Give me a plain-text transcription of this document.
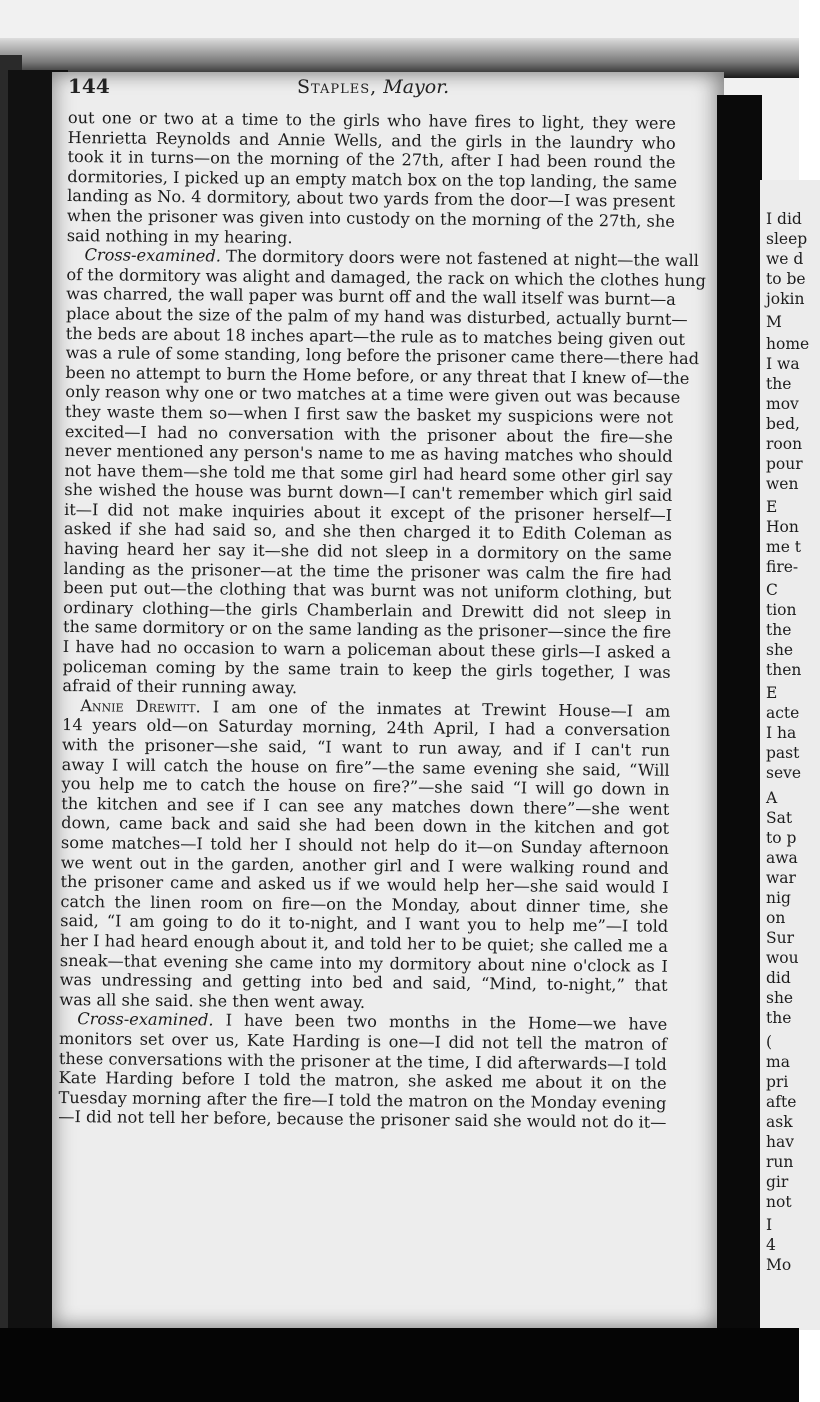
144	Staples, Mayor.
out one or two at a time to the girls who have fires to light, they were
Henrietta Reynolds and Annie Wells, and the girls in the laundry who
took it in turns—on the morning of the 27th, after I had been round the
dormitories, I picked up an empty match box on the top landing, the same
landing as No. 4 dormitory, about two yards from the door—I was present
when the prisoner was given into custody on the morning of the 27th, she
said nothing in my hearing.
Cross-examined. The dormitory doors were not fastened at night—the wall
of the dormitory was alight and damaged, the rack on which the clothes hung
was charred, the wall paper was burnt off and the wall itself was burnt—a
place about the size of the palm of my hand was disturbed, actually burnt—
the beds are about 18 inches apart—the rule as to matches being given out
was a rule of some standing, long before the prisoner came there—there had
been no attempt to burn the Home before, or any threat that I knew of—the
only reason why one or two matches at a time were given out was because
they waste them so—when I first saw the basket my suspicions were not
excited—I had no conversation with the prisoner about the fire—she
never mentioned any person's name to me as having matches who should
not have them—she told me that some girl had heard some other girl say
she wished the house was burnt down—I can't remember which girl said
it—I did not make inquiries about it except of the prisoner herself—I
asked if she had said so, and she then charged it to Edith Coleman as
having heard her say it—she did not sleep in a dormitory on the same
landing as the prisoner—at the time the prisoner was calm the fire had
been put out—the clothing that was burnt was not uniform clothing, but
ordinary clothing—the girls Chamberlain and Drewitt did not sleep in
the same dormitory or on the same landing as the prisoner—since the fire
I have had no occasion to warn a policeman about these girls—I asked a
policeman coming by the same train to keep the girls together, I was
afraid of their running away.
Annie Drewitt. I am one of the inmates at Trewint House—I am
14 years old—on Saturday morning, 24th April, I had a conversation
with the prisoner—she said, “I want to run away, and if I can't run
away I will catch the house on fire”—the same evening she said, “Will
you help me to catch the house on fire?”—she said “I will go down in
the kitchen and see if I can see any matches down there”—she went
down, came back and said she had been down in the kitchen and got
some matches—I told her I should not help do it—on Sunday afternoon
we went out in the garden, another girl and I were walking round and
the prisoner came and asked us if we would help her—she said would I
catch the linen room on fire—on the Monday, about dinner time, she
said, “I am going to do it to-night, and I want you to help me”—I told
her I had heard enough about it, and told her to be quiet; she called me a
sneak—that evening she came into my dormitory about nine o'clock as I
was undressing and getting into bed and said, “Mind, to-night,” that
was all she said. she then went away.
Cross-examined. I have been two months in the Home—we have
monitors set over us, Kate Harding is one—I did not tell the matron of
these conversations with the prisoner at the time, I did afterwards—I told
Kate Harding before I told the matron, she asked me about it on the
Tuesday morning after the fire—I told the matron on the Monday evening
—I did not tell her before, because the prisoner said she would not do it—
I did
sleep
we d
to be
jokin
M
home
I wa
the
mov
bed,
roon
pour
wen
E
Hon
me t
fire-
C
tion
the
she
then
E
acte
I ha
past
seve
A
Sat
to p
awa
war
nig
on
Sur
wou
did
she
the
(
ma
pri
afte
ask
hav
run
gir
not
I
4
Mo
